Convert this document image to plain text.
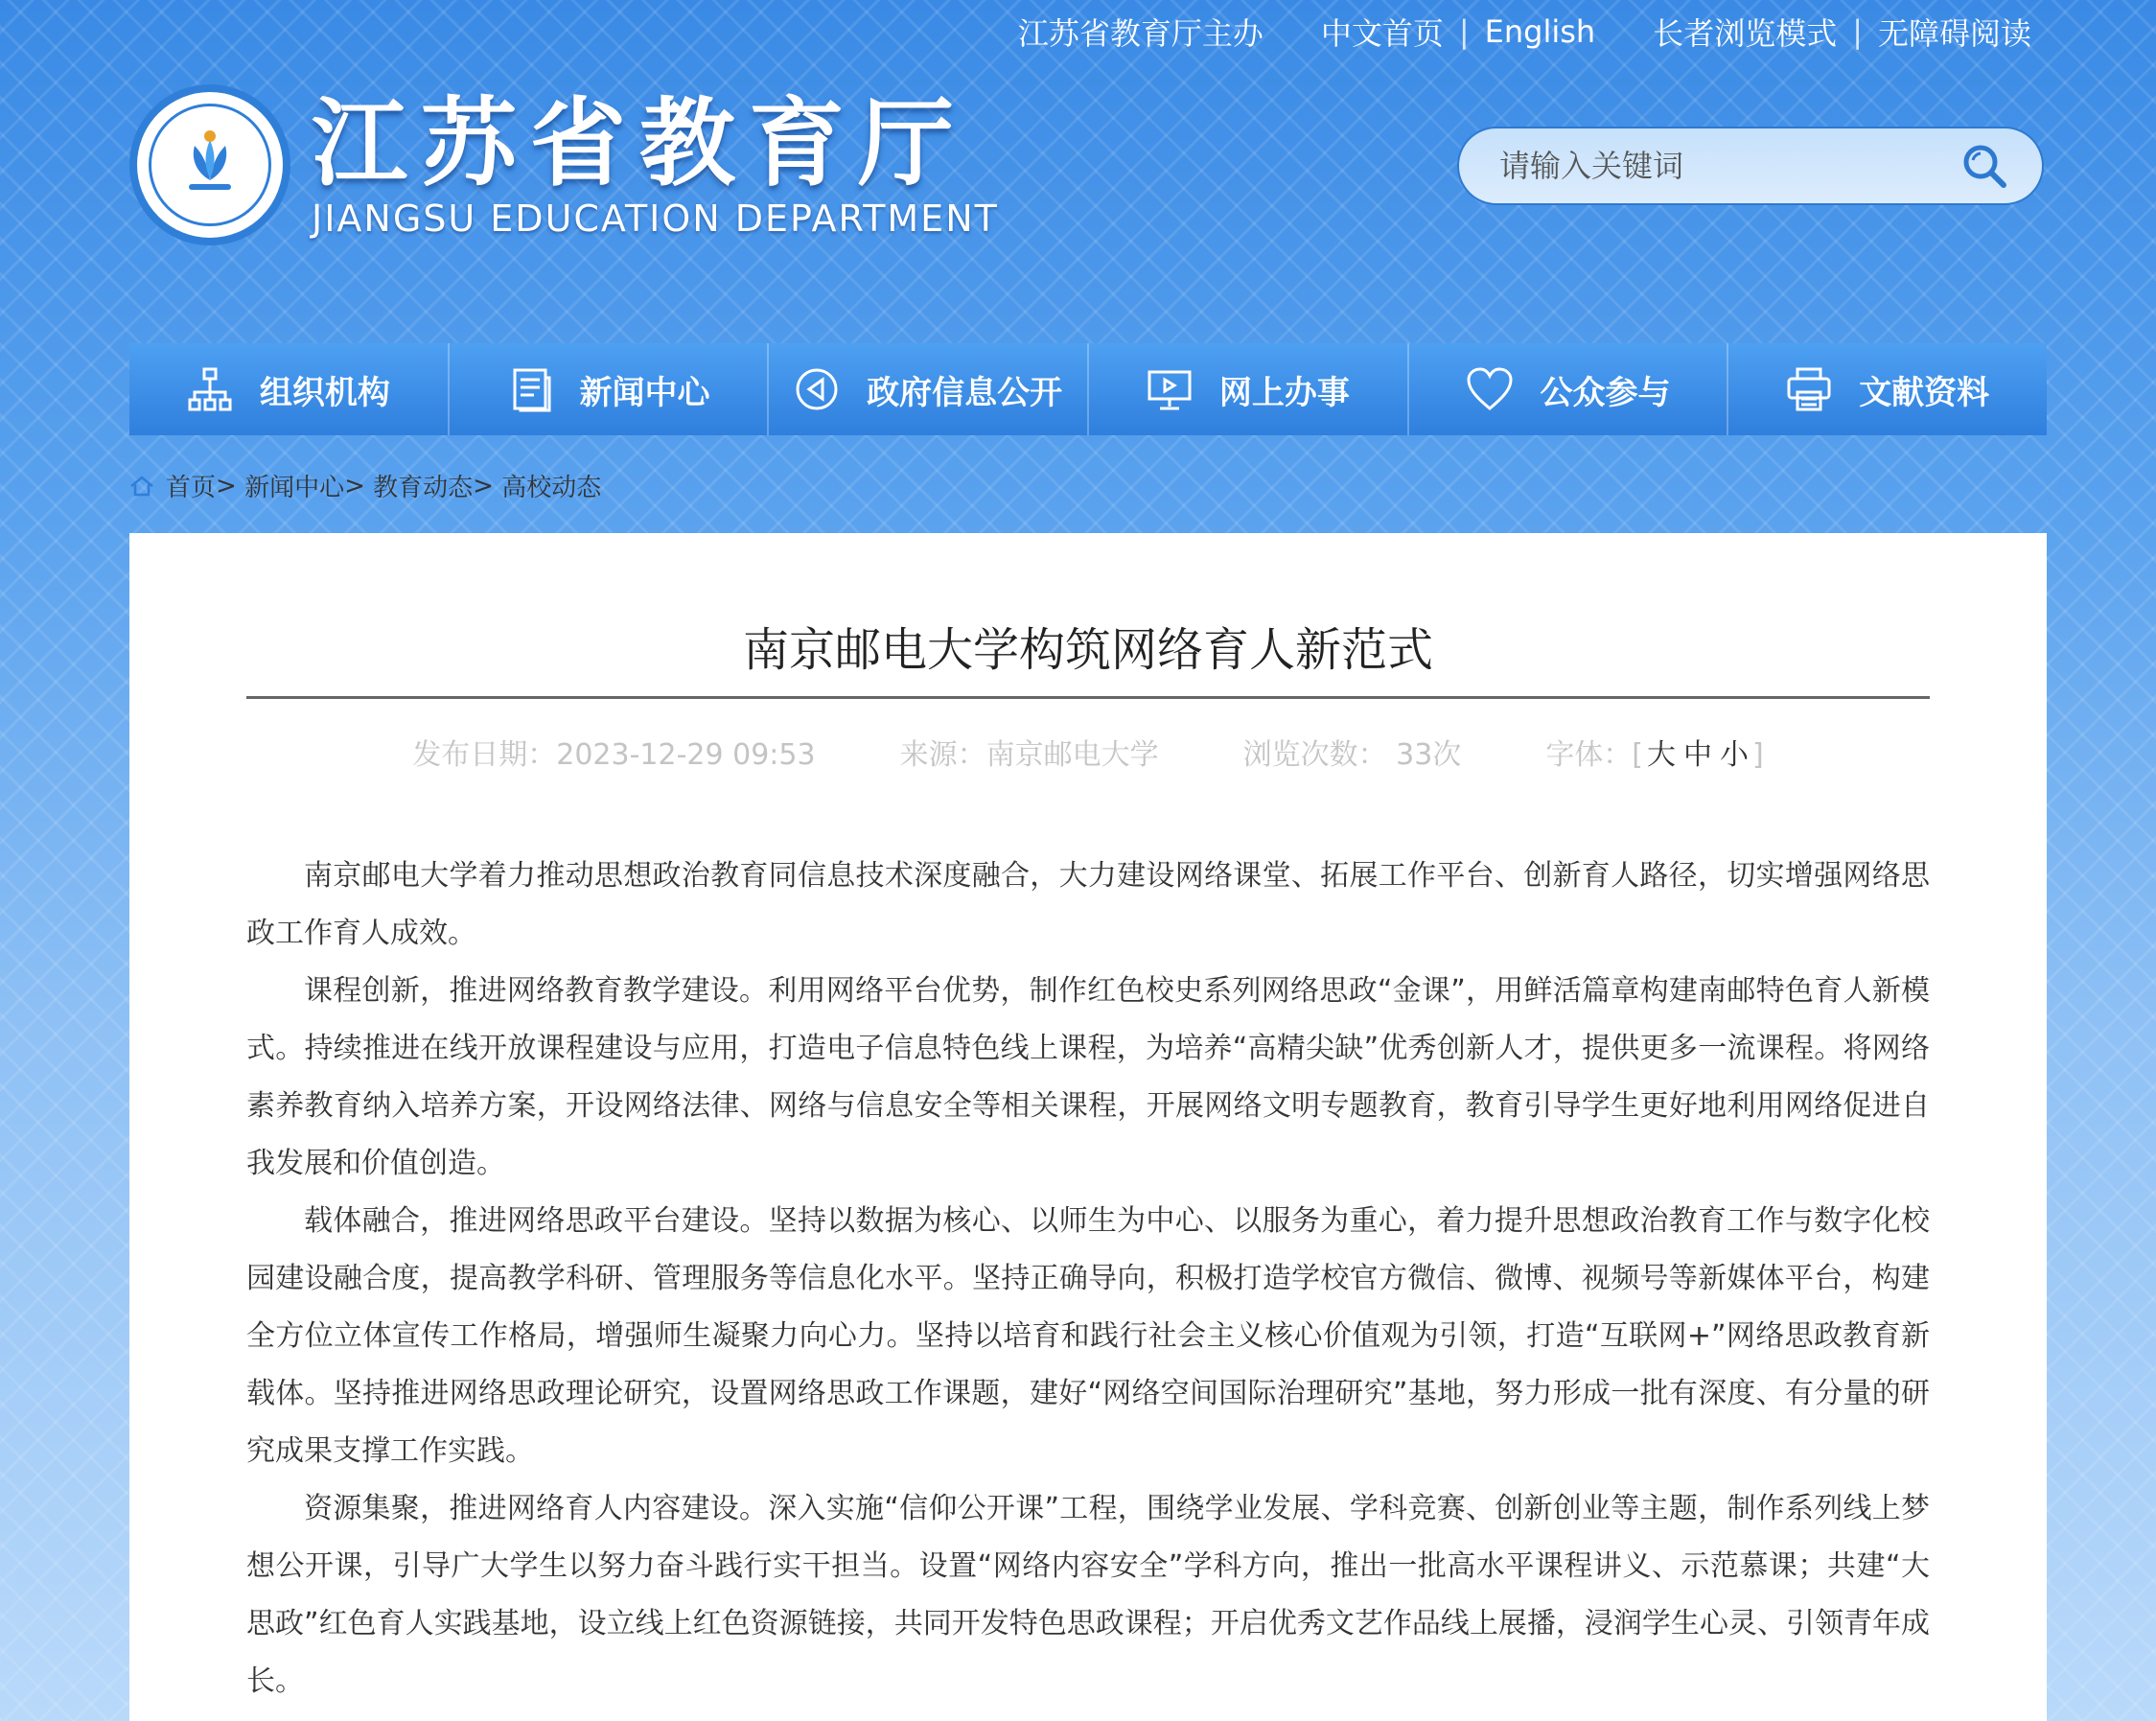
江苏省教育厅主办 中文首页 | English 长者浏览模式 | 无障碍阅读
江苏省教育厅
JIANGSU EDUCATION DEPARTMENT
请输入关键词
组织机构	新闻中心	政府信息公开	网上办事	公众参与	文献资料
首页 > 新闻中心 > 教育动态 > 高校动态
南京邮电大学构筑网络育人新范式
发布日期：2023-12-29 09:53	来源：南京邮电大学	浏览次数： 33次	字体：[ 大 中 小 ]

南京邮电大学着力推动思想政治教育同信息技术深度融合，大力建设网络课堂、拓展工作平台、创新育人路径，切实增强网络思政工作育人成效。

课程创新，推进网络教育教学建设。利用网络平台优势，制作红色校史系列网络思政“金课”，用鲜活篇章构建南邮特色育人新模式。持续推进在线开放课程建设与应用，打造电子信息特色线上课程，为培养“高精尖缺”优秀创新人才，提供更多一流课程。将网络素养教育纳入培养方案，开设网络法律、网络与信息安全等相关课程，开展网络文明专题教育，教育引导学生更好地利用网络促进自我发展和价值创造。

载体融合，推进网络思政平台建设。坚持以数据为核心、以师生为中心、以服务为重心，着力提升思想政治教育工作与数字化校园建设融合度，提高教学科研、管理服务等信息化水平。坚持正确导向，积极打造学校官方微信、微博、视频号等新媒体平台，构建全方位立体宣传工作格局，增强师生凝聚力向心力。坚持以培育和践行社会主义核心价值观为引领，打造“互联网+”网络思政教育新载体。坚持推进网络思政理论研究，设置网络思政工作课题，建好“网络空间国际治理研究”基地，努力形成一批有深度、有分量的研究成果支撑工作实践。

资源集聚，推进网络育人内容建设。深入实施“信仰公开课”工程，围绕学业发展、学科竞赛、创新创业等主题，制作系列线上梦想公开课，引导广大学生以努力奋斗践行实干担当。设置“网络内容安全”学科方向，推出一批高水平课程讲义、示范慕课；共建“大思政”红色育人实践基地，设立线上红色资源链接，共同开发特色思政课程；开启优秀文艺作品线上展播，浸润学生心灵、引领青年成长。
